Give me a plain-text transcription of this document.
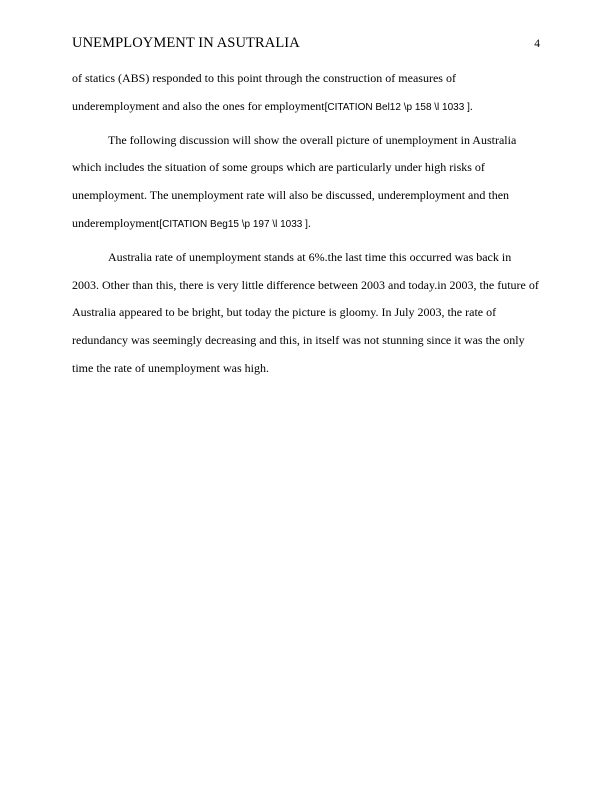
UNEMPLOYMENT IN ASUTRALIA	4
of statics (ABS) responded to this point through the construction of measures of
underemployment and also the ones for employment[CITATION Bel12 \p 158 \l 1033 ].
The following discussion will show the overall picture of unemployment in Australia
which includes the situation of some groups which are particularly under high risks of
unemployment. The unemployment rate will also be discussed, underemployment and then
underemployment[CITATION Beg15 \p 197 \l 1033 ].
Australia rate of unemployment stands at 6%.the last time this occurred was back in
2003. Other than this, there is very little difference between 2003 and today.in 2003, the future of
Australia appeared to be bright, but today the picture is gloomy. In July 2003, the rate of
redundancy was seemingly decreasing and this, in itself was not stunning since it was the only
time the rate of unemployment was high.
